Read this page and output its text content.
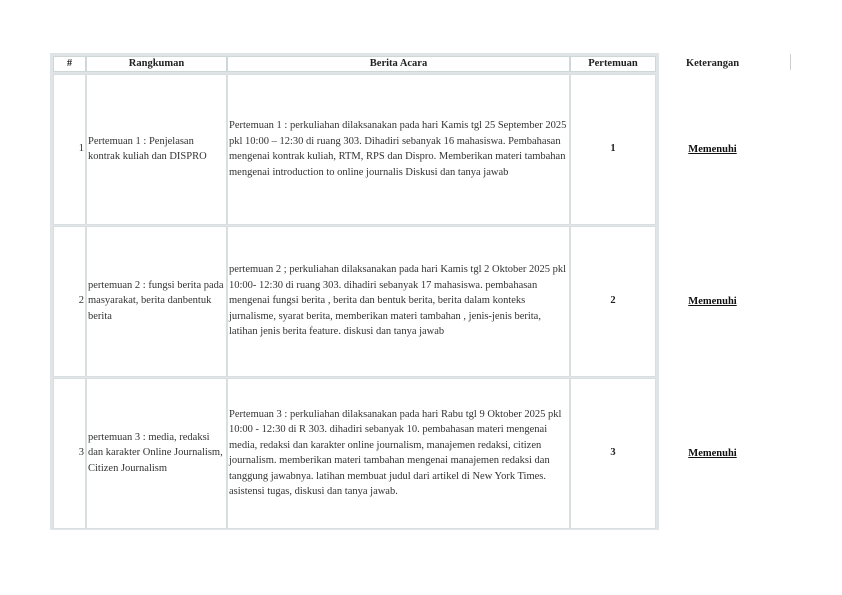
#	Rangkuman	Berita Acara	Pertemuan	Keterangan
1	Pertemuan 1 : Penjelasan kontrak kuliah dan DISPRO	Pertemuan 1 : perkuliahan dilaksanakan pada hari Kamis tgl 25 September 2025 pkl 10:00 – 12:30 di ruang 303. Dihadiri sebanyak 16 mahasiswa. Pembahasan mengenai kontrak kuliah, RTM, RPS dan Dispro. Memberikan materi tambahan mengenai introduction to online journalis Diskusi dan tanya jawab	1	Memenuhi
2	pertemuan 2 : fungsi berita pada masyarakat, berita danbentuk berita	pertemuan 2 ; perkuliahan dilaksanakan pada hari Kamis tgl 2 Oktober 2025 pkl 10:00- 12:30 di ruang 303. dihadiri sebanyak 17 mahasiswa. pembahasan mengenai fungsi berita , berita dan bentuk berita, berita dalam konteks jurnalisme, syarat berita, memberikan materi tambahan , jenis-jenis berita, latihan jenis berita feature. diskusi dan tanya jawab	2	Memenuhi
3	pertemuan 3 : media, redaksi dan karakter Online Journalism, Citizen Journalism	Pertemuan 3 : perkuliahan dilaksanakan pada hari Rabu tgl 9 Oktober 2025 pkl 10:00 - 12:30 di R 303. dihadiri sebanyak 10. pembahasan materi mengenai media, redaksi dan karakter online journalism, manajemen redaksi, citizen journalism. memberikan materi tambahan mengenai manajemen redaksi dan tanggung jawabnya. latihan membuat judul dari artikel di New York Times. asistensi tugas, diskusi dan tanya jawab.	3	Memenuhi
